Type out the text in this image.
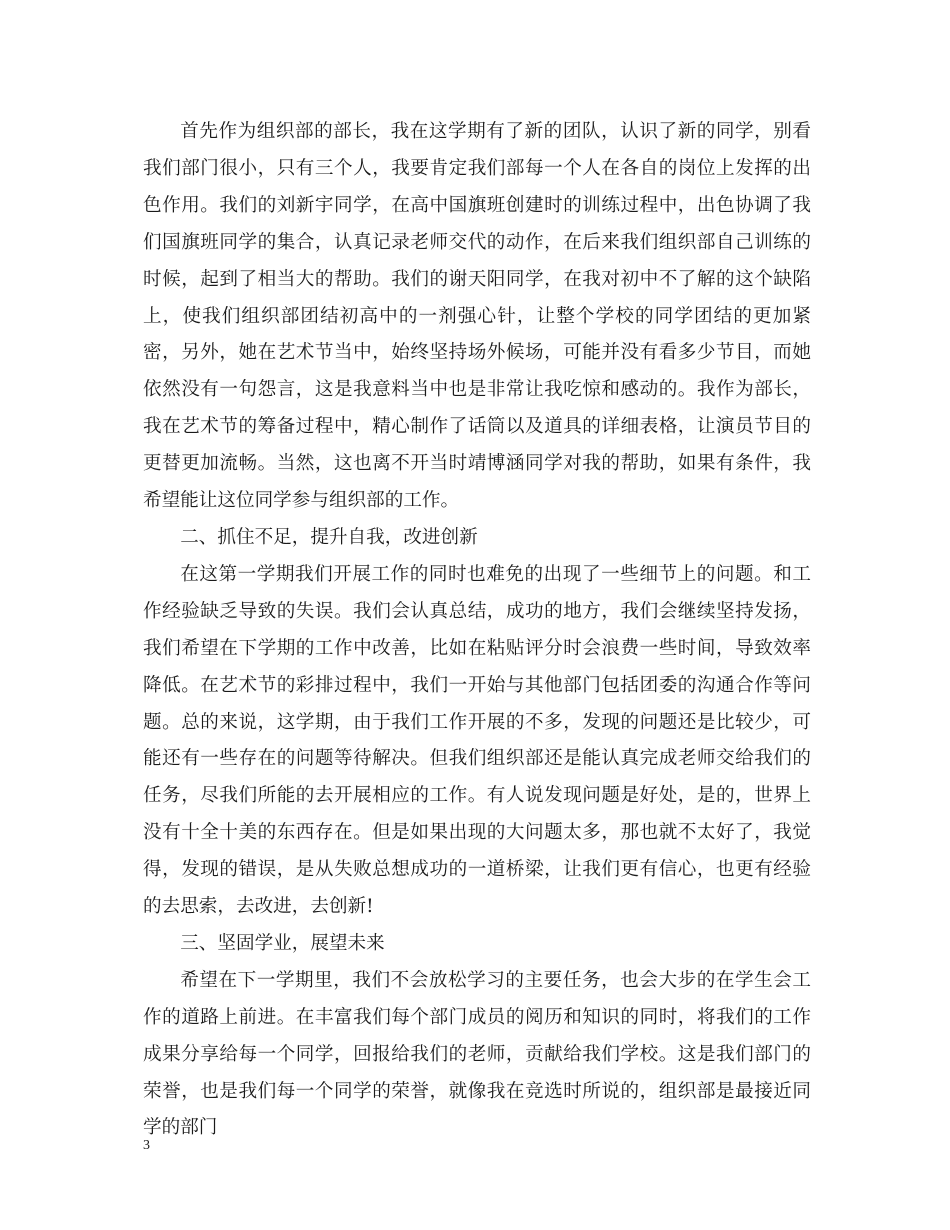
首先作为组织部的部长，我在这学期有了新的团队，认识了新的同学，别看我们部门很小，只有三个人，我要肯定我们部每一个人在各自的岗位上发挥的出色作用。我们的刘新宇同学，在高中国旗班创建时的训练过程中，出色协调了我们国旗班同学的集合，认真记录老师交代的动作，在后来我们组织部自己训练的时候，起到了相当大的帮助。我们的谢天阳同学，在我对初中不了解的这个缺陷上，使我们组织部团结初高中的一剂强心针，让整个学校的同学团结的更加紧密，另外，她在艺术节当中，始终坚持场外候场，可能并没有看多少节目，而她依然没有一句怨言，这是我意料当中也是非常让我吃惊和感动的。我作为部长，我在艺术节的筹备过程中，精心制作了话筒以及道具的详细表格，让演员节目的更替更加流畅。当然，这也离不开当时靖博涵同学对我的帮助，如果有条件，我希望能让这位同学参与组织部的工作。

二、抓住不足，提升自我，改进创新

在这第一学期我们开展工作的同时也难免的出现了一些细节上的问题。和工作经验缺乏导致的失误。我们会认真总结，成功的地方，我们会继续坚持发扬，我们希望在下学期的工作中改善，比如在粘贴评分时会浪费一些时间，导致效率降低。在艺术节的彩排过程中，我们一开始与其他部门包括团委的沟通合作等问题。总的来说，这学期，由于我们工作开展的不多，发现的问题还是比较少，可能还有一些存在的问题等待解决。但我们组织部还是能认真完成老师交给我们的任务，尽我们所能的去开展相应的工作。有人说发现问题是好处，是的，世界上没有十全十美的东西存在。但是如果出现的大问题太多，那也就不太好了，我觉得，发现的错误，是从失败总想成功的一道桥梁，让我们更有信心，也更有经验的去思索，去改进，去创新!

三、坚固学业，展望未来

希望在下一学期里，我们不会放松学习的主要任务，也会大步的在学生会工作的道路上前进。在丰富我们每个部门成员的阅历和知识的同时，将我们的工作成果分享给每一个同学，回报给我们的老师，贡献给我们学校。这是我们部门的荣誉，也是我们每一个同学的荣誉，就像我在竞选时所说的，组织部是最接近同学的部门

3
